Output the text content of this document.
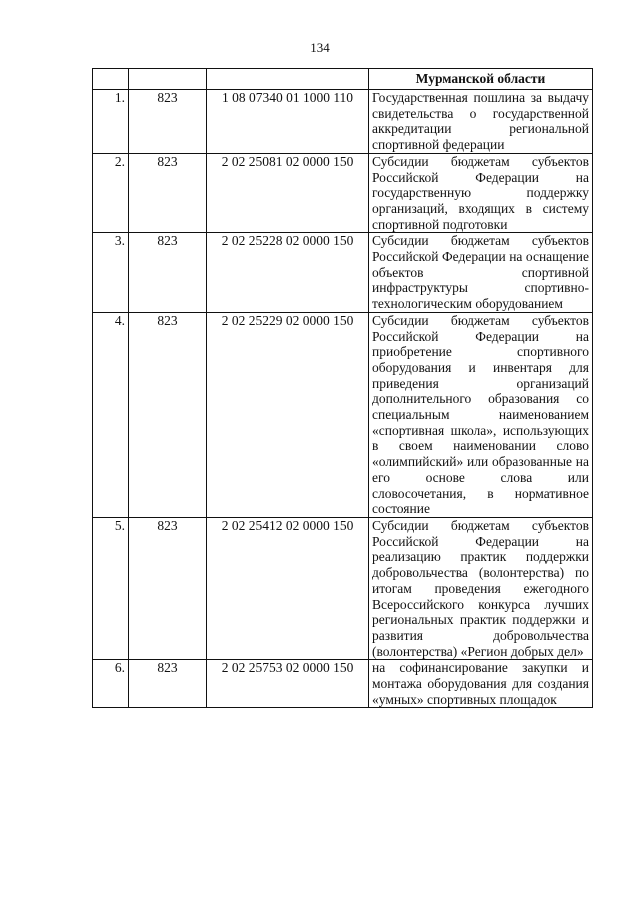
134
			Мурманской области
1.	823	1 08 07340 01 1000 110	Государственная пошлина за выдачу свидетельства о государственной аккредитации региональной спортивной федерации
2.	823	2 02 25081 02 0000 150	Субсидии бюджетам субъектов Российской Федерации на государственную поддержку организаций, входящих в систему спортивной подготовки
3.	823	2 02 25228 02 0000 150	Субсидии бюджетам субъектов Российской Федерации на оснащение объектов спортивной инфраструктуры спортивно-технологическим оборудованием
4.	823	2 02 25229 02 0000 150	Субсидии бюджетам субъектов Российской Федерации на приобретение спортивного оборудования и инвентаря для приведения организаций дополнительного образования со специальным наименованием «спортивная школа», использующих в своем наименовании слово «олимпийский» или образованные на его основе слова или словосочетания, в нормативное состояние
5.	823	2 02 25412 02 0000 150	Субсидии бюджетам субъектов Российской Федерации на реализацию практик поддержки добровольчества (волонтерства) по итогам проведения ежегодного Всероссийского конкурса лучших региональных практик поддержки и развития добровольчества (волонтерства) «Регион добрых дел»
6.	823	2 02 25753 02 0000 150	на софинансирование закупки и монтажа оборудования для создания «умных» спортивных площадок
